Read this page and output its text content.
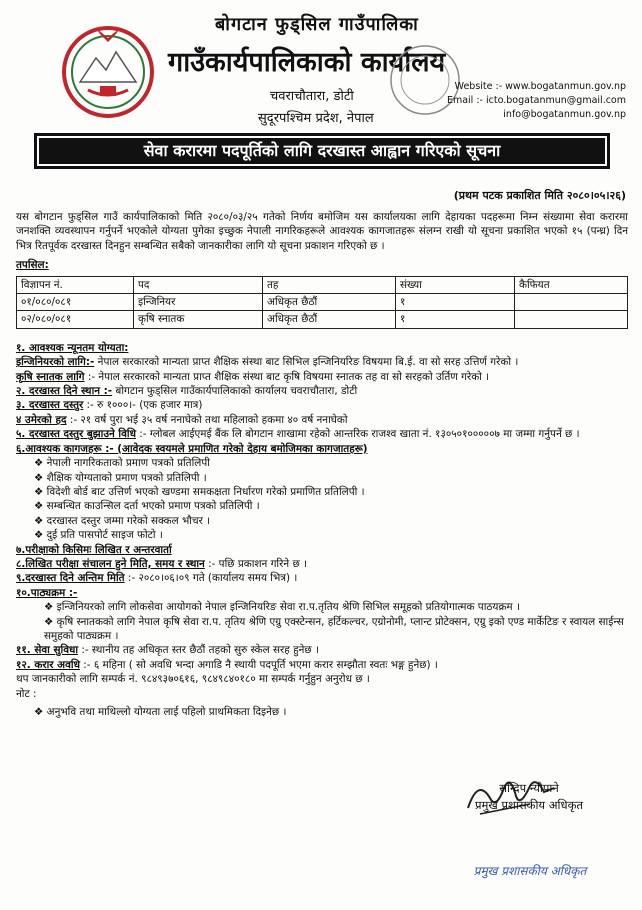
बोगटान फुड्सिल गाउँपालिका
गाउँकार्यपालिकाको कार्यालय
चवराचौतारा, डोटी
सुदूरपश्चिम प्रदेश, नेपाल
Website :- www.bogatanmun.gov.np
Email :- icto.bogatanmun@gmail.com
info@bogatanmun.gov.np
सेवा करारमा पदपूर्तिको लागि दरखास्त आह्वान गरिएको सूचना
(प्रथम पटक प्रकाशित मिति २०८०।०५।२६)

यस बोगटान फुड्सिल गाउँ कार्यपालिकाको मिति २०८०/०३/२५ गतेको निर्णय बमोजिम यस कार्यालयका लागि देहायका पदहरूमा निम्न संख्यामा सेवा करारमा जनशक्ति व्यवस्थापन गर्नुपर्ने भएकोले योग्यता पुगेका इच्छुक नेपाली नागरिकहरूले आवश्यक कागजातहरू संलग्न राखी यो सूचना प्रकाशित भएको १५ (पन्ध्र) दिन भित्र रितपूर्वक दरखास्त दिनहुन सम्बन्धित सबैको जानकारीका लागि यो सूचना प्रकाशन गरिएको छ ।

तपसिल:
विज्ञापन नं.	पद	तह	संख्या	कैफियत
०१/०८०/०८१	इन्जिनियर	अधिकृत छैठौं	१	
०२/०८०/०८१	कृषि स्नातक	अधिकृत छैठौं	१	

१. आवश्यक न्यूनतम योग्यता:

इन्जिनियरको लागि:- नेपाल सरकारको मान्यता प्राप्त शैक्षिक संस्था बाट सिभिल इन्जिनियरिङ विषयमा बि.ई. वा सो सरह उत्तिर्ण गरेको ।

कृषि स्नातक लागि :- नेपाल सरकारको मान्यता प्राप्त शैक्षिक संस्था बाट कृषि विषयमा स्नातक तह वा सो सरहको उर्तिण गरेको ।

२. दरखास्त दिने स्थान :- बोगटान फुड्सिल गाउँकार्यपालिकाको कार्यालय चवराचौतारा, डोटी

३. दरखास्त दस्तुर :- रु १०००।- (एक हजार मात्र)

४ उमेरको हद :- २१ वर्ष पुरा भई ३५ वर्ष ननाघेको तथा महिलाको हकमा ४० वर्ष ननाघेको

५. दरखास्त दस्तुर बुझाउने विधि :- ग्लोबल आईएमई बैंक लि बोगटान शाखामा रहेको आन्तरिक राजश्व खाता नं. १३०५०१०००००७ मा जम्मा गर्नुपर्ने छ ।

६.आवश्यक कागजहरू :- (आवेदक स्वयमले प्रमाणित गरेको देहाय बमोजिमका कागजातहरू)

❖ नेपाली नागरिकताको प्रमाण पत्रको प्रतिलिपी

❖ शैक्षिक योग्यताको प्रमाण पत्रको प्रतिलिपी ।

❖ विदेशी बोर्ड बाट उत्तिर्ण भएको खण्डमा समकक्षता निर्धारण गरेको प्रमाणित प्रतिलिपी ।

❖ सम्बन्धित काउन्सिल दर्ता भएको प्रमाण पत्रको प्रतिलिपी ।

❖ दरखास्त दस्तुर जम्मा गरेको सक्कल भौचर ।

❖ दुई प्रति पासपोर्ट साइज फोटो ।

७.परीक्षाको किसिमः लिखित र अन्तरवार्ता

८.लिखित परीक्षा संचालन हुने मिति, समय र स्थान :- पछि प्रकाशन गरिने छ ।

९.दरखास्त दिने अन्तिम मिति :- २०८०।०६।०९ गते (कार्यालय समय भित्र) ।

१०.पाठ्यक्रम :-

❖ इन्जिनियरको लागि लोकसेवा आयोगको नेपाल इन्जिनियरिङ सेवा रा.प.तृतिय श्रेणि सिभिल समूहको प्रतियोगात्मक पाठयक्रम ।

❖ कृषि स्नातकको लागि नेपाल कृषि सेवा रा.प. तृतिय श्रेणि एग्रु एक्स्टेन्सन, हर्टिकल्चर, एग्रोनोमी, प्लान्ट प्रोटेक्सन, एग्रु इको एण्ड मार्केटिङ र स्वायल साईन्स समुहको पाठ्यक्रम ।

११. सेवा सुविधा :- स्थानीय तह अधिकृत स्तर छैठौं तहको सुरु स्केल सरह हुनेछ ।

१२. करार अवधि :- ६ महिना ( सो अवधि भन्दा अगाडि नै स्थायी पदपूर्ति भएमा करार सम्झौता स्वतः भङ्ग हुनेछ) ।

थप जानकारीको लागि सम्पर्क नं. ९८४९३७०६१६, ९८४९८४०१८० मा सम्पर्क गर्नुहुन अनुरोध छ ।

नोट :

❖ अनुभवि तथा माथिल्लो योग्यता लाई पहिलो प्राथमिकता दिइनेछ ।

सन्दिप न्यौपाने
प्रमुख प्रशासकीय अधिकृत
प्रमुख प्रशासकीय अधिकृत
